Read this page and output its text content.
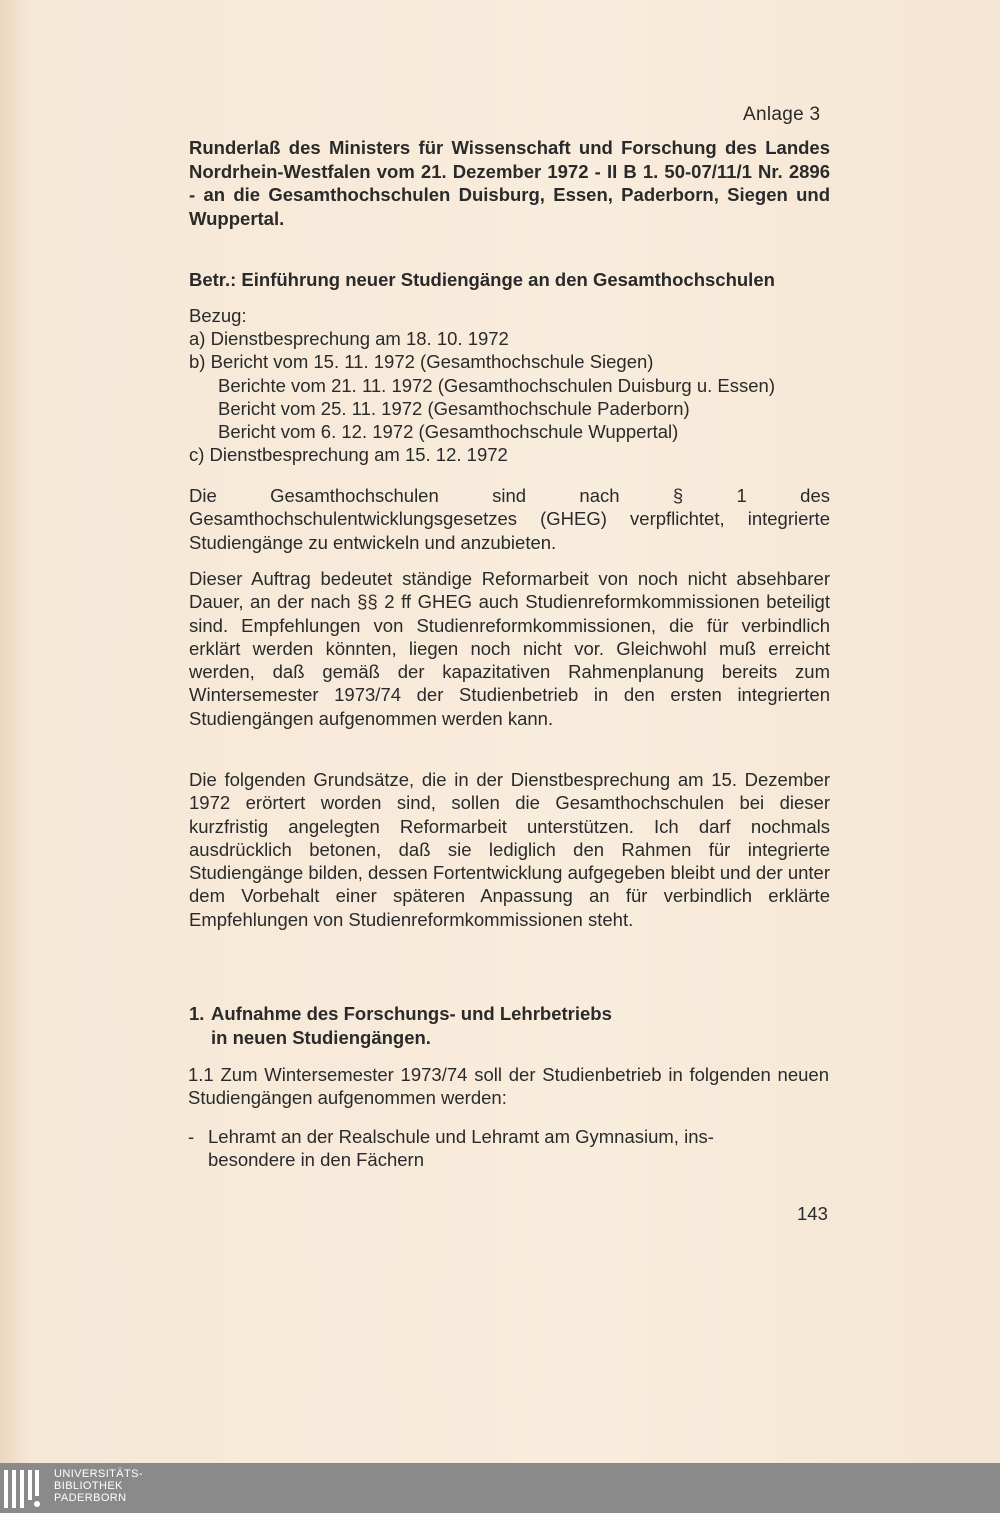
Anlage 3
Runderlaß des Ministers für Wissenschaft und Forschung des Landes Nordrhein-Westfalen vom 21. Dezember 1972 - II B 1. 50-07/11/1 Nr. 2896 - an die Gesamthochschulen Duisburg, Essen, Paderborn, Siegen und Wuppertal.
Betr.: Einführung neuer Studiengänge an den Gesamthochschulen
Bezug:
a) Dienstbesprechung am 18. 10. 1972
b) Bericht vom 15. 11. 1972 (Gesamthochschule Siegen)
Berichte vom 21. 11. 1972 (Gesamthochschulen Duisburg u. Essen)
Bericht vom 25. 11. 1972 (Gesamthochschule Paderborn)
Bericht vom 6. 12. 1972 (Gesamthochschule Wuppertal)
c) Dienstbesprechung am 15. 12. 1972
Die Gesamthochschulen sind nach § 1 des Gesamthochschulentwicklungsgesetzes (GHEG) verpflichtet, integrierte Studiengänge zu entwickeln und anzubieten.
Dieser Auftrag bedeutet ständige Reformarbeit von noch nicht absehbarer Dauer, an der nach §§ 2 ff GHEG auch Studienreformkommissionen beteiligt sind. Empfehlungen von Studienreformkommissionen, die für verbindlich erklärt werden könnten, liegen noch nicht vor. Gleichwohl muß erreicht werden, daß gemäß der kapazitativen Rahmenplanung bereits zum Wintersemester 1973/74 der Studienbetrieb in den ersten integrierten Studiengängen aufgenommen werden kann.
Die folgenden Grundsätze, die in der Dienstbesprechung am 15. Dezember 1972 erörtert worden sind, sollen die Gesamthochschulen bei dieser kurzfristig angelegten Reformarbeit unterstützen. Ich darf nochmals ausdrücklich betonen, daß sie lediglich den Rahmen für integrierte Studiengänge bilden, dessen Fortentwicklung aufgegeben bleibt und der unter dem Vorbehalt einer späteren Anpassung an für verbindlich erklärte Empfehlungen von Studienreformkommissionen steht.
1. Aufnahme des Forschungs- und Lehrbetriebs
in neuen Studiengängen.
1.1 Zum Wintersemester 1973/74 soll der Studienbetrieb in folgenden neuen Studiengängen aufgenommen werden:
- Lehramt an der Realschule und Lehramt am Gymnasium, ins-
besondere in den Fächern
143
UNIVERSITÄTS-
BIBLIOTHEK
PADERBORN
